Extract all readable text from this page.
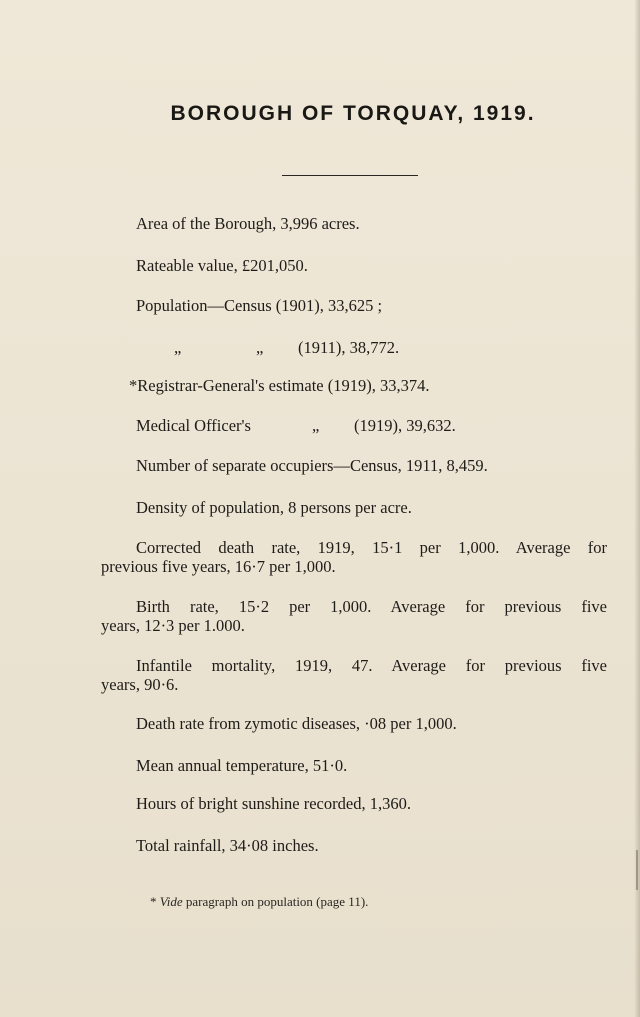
BOROUGH OF TORQUAY, 1919.
Area of the Borough, 3,996 acres.
Rateable value, £201,050.
Population—Census (1901), 33,625 ;
„	„ (1911), 38,772.
*Registrar-General's estimate (1919), 33,374.
Medical Officer's	„ (1919), 39,632.
Number of separate occupiers—Census, 1911, 8,459.
Density of population, 8 persons per acre.
Corrected death rate, 1919, 15·1 per 1,000. Average for
previous five years, 16·7 per 1,000.
Birth rate, 15·2 per 1,000. Average for previous five
years, 12·3 per 1.000.
Infantile mortality, 1919, 47. Average for previous five
years, 90·6.
Death rate from zymotic diseases, ·08 per 1,000.
Mean annual temperature, 51·0.
Hours of bright sunshine recorded, 1,360.
Total rainfall, 34·08 inches.
* Vide paragraph on population (page 11).
